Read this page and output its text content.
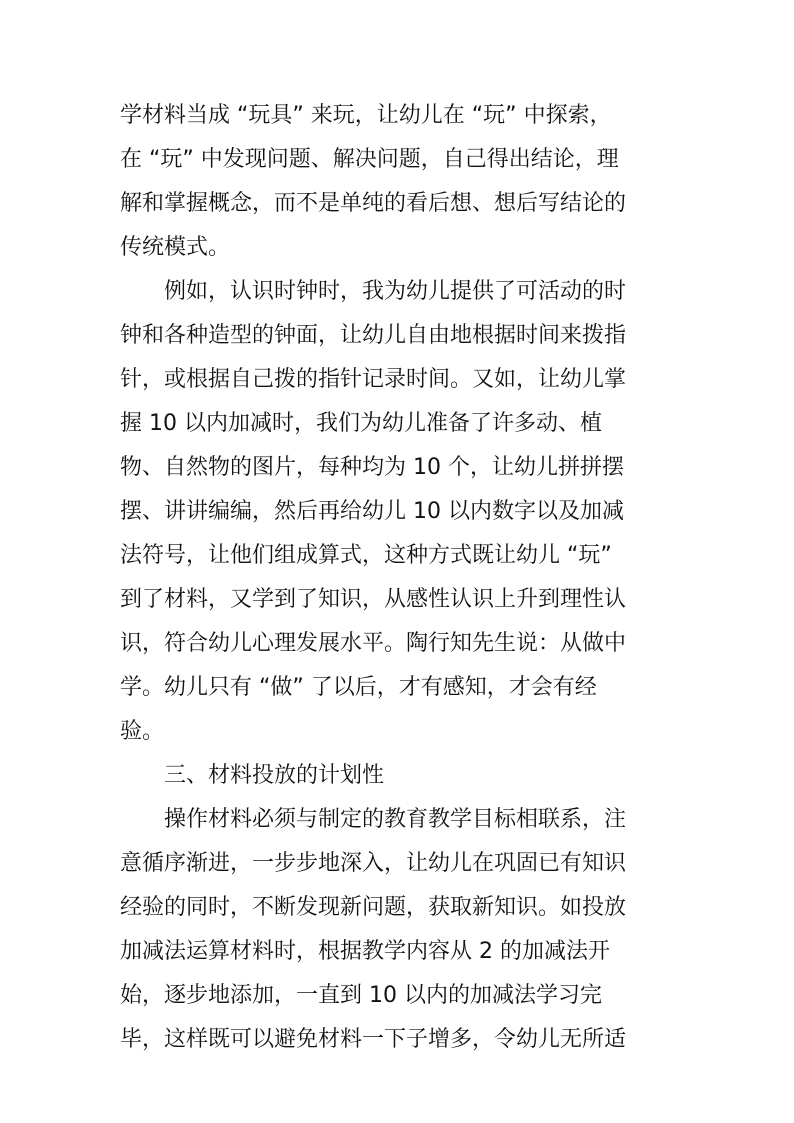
学材料当成 “玩具” 来玩，让幼儿在 “玩” 中探索，
在 “玩” 中发现问题、解决问题，自己得出结论，理
解和掌握概念，而不是单纯的看后想、想后写结论的
传统模式。
例如，认识时钟时，我为幼儿提供了可活动的时
钟和各种造型的钟面，让幼儿自由地根据时间来拨指
针，或根据自己拨的指针记录时间。又如，让幼儿掌
握 10 以内加减时，我们为幼儿准备了许多动、植
物、自然物的图片，每种均为 10 个，让幼儿拼拼摆
摆、讲讲编编，然后再给幼儿 10 以内数字以及加减
法符号，让他们组成算式，这种方式既让幼儿 “玩”
到了材料，又学到了知识，从感性认识上升到理性认
识，符合幼儿心理发展水平。陶行知先生说：从做中
学。幼儿只有 “做” 了以后，才有感知，才会有经
验。
三、材料投放的计划性
操作材料必须与制定的教育教学目标相联系，注
意循序渐进，一步步地深入，让幼儿在巩固已有知识
经验的同时，不断发现新问题，获取新知识。如投放
加减法运算材料时，根据教学内容从 2 的加减法开
始，逐步地添加，一直到 10 以内的加减法学习完
毕，这样既可以避免材料一下子增多，令幼儿无所适
